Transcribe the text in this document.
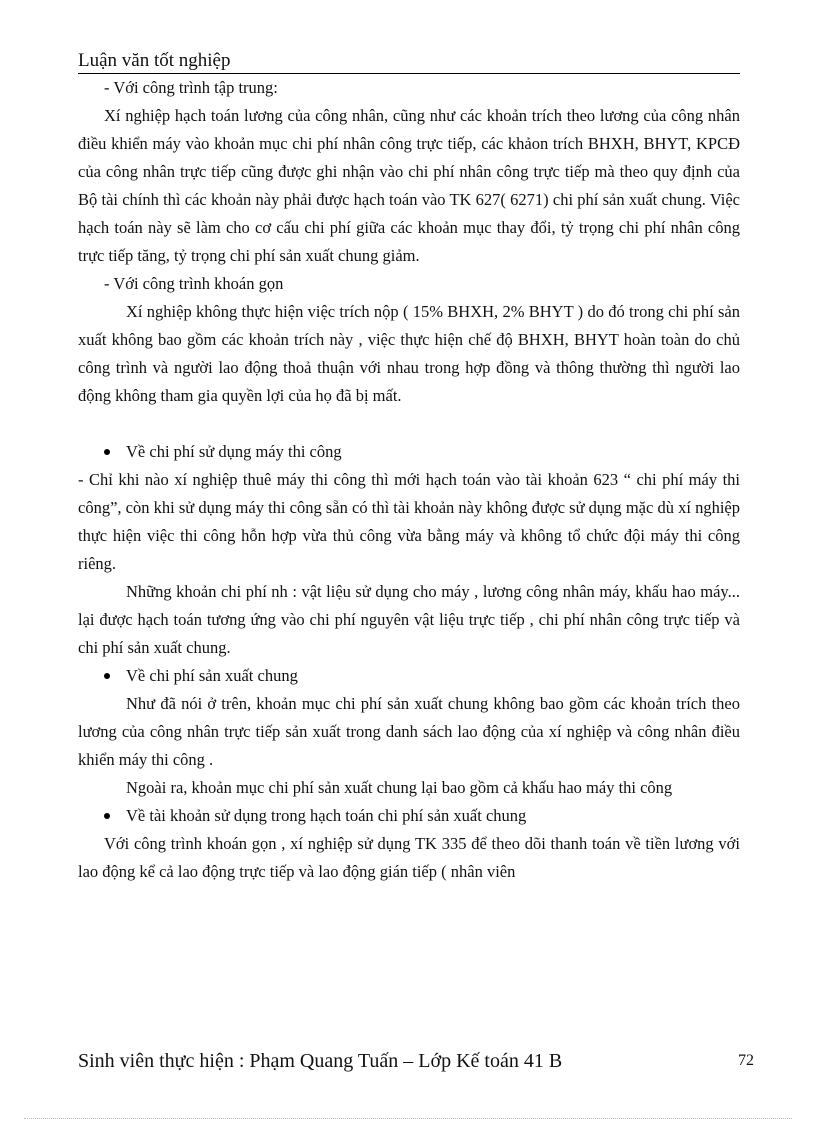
Luận văn tốt nghiệp

- Với công trình tập trung:

Xí nghiệp hạch toán lương của công nhân, cũng như các khoản trích theo lương của công nhân điều khiển máy vào khoản mục chi phí nhân công trực tiếp, các khảon trích BHXH, BHYT, KPCĐ của công nhân trực tiếp cũng được ghi nhận vào chi phí nhân công trực tiếp mà theo quy định của Bộ tài chính thì các khoản này phải được hạch toán vào TK 627( 6271) chi phí sản xuất chung. Việc hạch toán này sẽ làm cho cơ cấu chi phí giữa các khoản mục thay đổi, tỷ trọng chi phí nhân công trực tiếp tăng, tỷ trọng chi phí sản xuất chung giảm.

- Với công trình khoán gọn

Xí nghiệp không thực hiện việc trích nộp ( 15% BHXH, 2% BHYT ) do đó trong chi phí sản xuất không bao gồm các khoản trích này , việc thực hiện chế độ BHXH, BHYT hoàn toàn do chủ công trình và người lao động thoả thuận với nhau trong hợp đồng và thông thường thì người lao động không tham gia quyền lợi của họ đã bị mất.

Về chi phí sử dụng máy thi công

- Chỉ khi nào xí nghiệp thuê máy thi công thì mới hạch toán vào tài khoản 623 “ chi phí máy thi công”, còn khi sử dụng máy thi công sẵn có thì tài khoản này không được sử dụng mặc dù xí nghiệp thực hiện việc thi công hỗn hợp vừa thủ công vừa bằng máy và không tổ chức đội máy thi công riêng.

Những khoản chi phí nh : vật liệu sử dụng cho máy , lương công nhân máy, khấu hao máy... lại được hạch toán tương ứng vào chi phí nguyên vật liệu trực tiếp , chi phí nhân công trực tiếp và chi phí sản xuất chung.

Về chi phí sản xuất chung

Như đã nói ở trên, khoản mục chi phí sản xuất chung không bao gồm các khoản trích theo lương của công nhân trực tiếp sản xuất trong danh sách lao động của xí nghiệp và công nhân điều khiển máy thi công .

Ngoài ra, khoản mục chi phí sản xuất chung lại bao gồm cả khấu hao máy thi công

Về tài khoản sử dụng trong hạch toán chi phí sản xuất chung

Với công trình khoán gọn , xí nghiệp sử dụng TK 335 để theo dõi thanh toán về tiền lương với lao động kể cả lao động trực tiếp và lao động gián tiếp ( nhân viên

Sinh viên thực hiện : Phạm Quang Tuấn – Lớp Kế toán 41 B	72
